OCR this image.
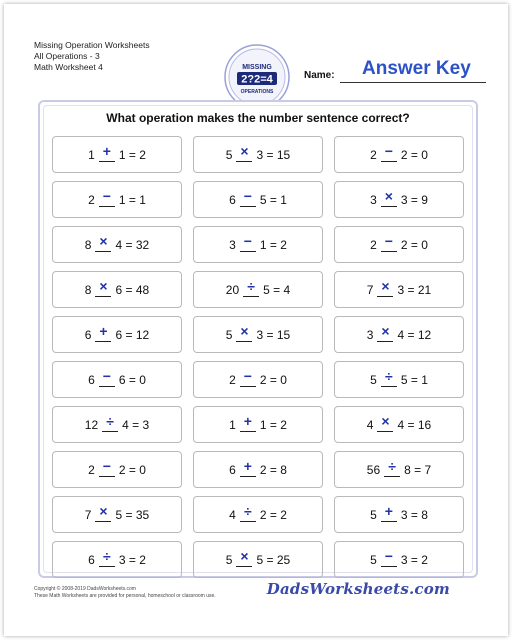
Missing Operation Worksheets
All Operations - 3
Math Worksheet 4	MISSING
2?2=4
OPERATIONS
Name: Answer Key
What operation makes the number sentence correct?
1 + 1 = 2	5 × 3 = 15	2 − 2 = 0
2 − 1 = 1	6 − 5 = 1	3 × 3 = 9
8 × 4 = 32	3 − 1 = 2	2 − 2 = 0
8 × 6 = 48	20 ÷ 5 = 4	7 × 3 = 21
6 + 6 = 12	5 × 3 = 15	3 × 4 = 12
6 − 6 = 0	2 − 2 = 0	5 ÷ 5 = 1
12 ÷ 4 = 3	1 + 1 = 2	4 × 4 = 16
2 − 2 = 0	6 + 2 = 8	56 ÷ 8 = 7
7 × 5 = 35	4 ÷ 2 = 2	5 + 3 = 8
6 ÷ 3 = 2	5 × 5 = 25	5 − 3 = 2
Copyright © 2008-2019 DadsWorksheets.com
These Math Worksheets are provided for personal, homeschool or classroom use.	DadsWorksheets.com
